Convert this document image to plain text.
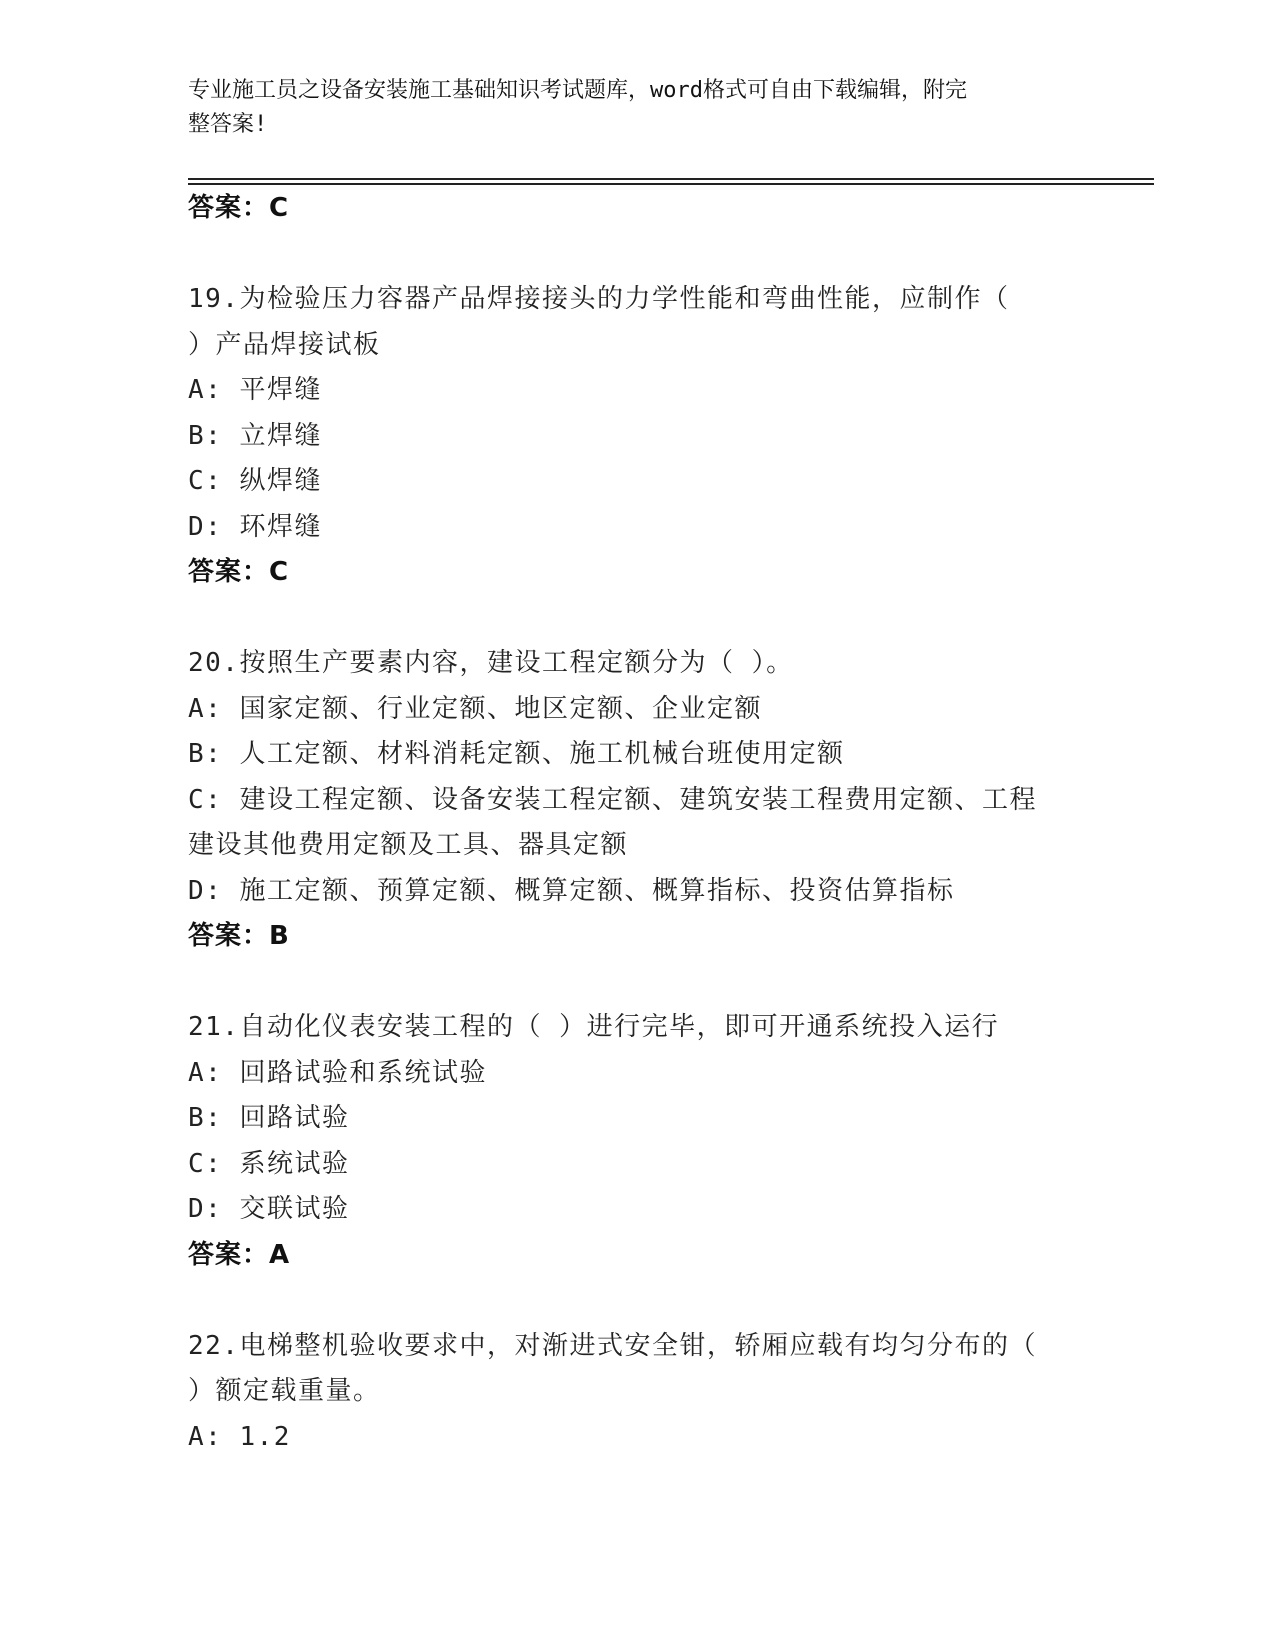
专业施工员之设备安装施工基础知识考试题库，word格式可自由下载编辑，附完
整答案!
答案：C
19.为检验压力容器产品焊接接头的力学性能和弯曲性能，应制作（
）产品焊接试板
A: 平焊缝
B: 立焊缝
C: 纵焊缝
D: 环焊缝
答案：C
20.按照生产要素内容，建设工程定额分为（ ）。
A: 国家定额、行业定额、地区定额、企业定额
B: 人工定额、材料消耗定额、施工机械台班使用定额
C: 建设工程定额、设备安装工程定额、建筑安装工程费用定额、工程
建设其他费用定额及工具、器具定额
D: 施工定额、预算定额、概算定额、概算指标、投资估算指标
答案：B
21.自动化仪表安装工程的（ ）进行完毕，即可开通系统投入运行
A: 回路试验和系统试验
B: 回路试验
C: 系统试验
D: 交联试验
答案：A
22.电梯整机验收要求中，对渐进式安全钳，轿厢应载有均匀分布的（
）额定载重量。
A: 1.2
